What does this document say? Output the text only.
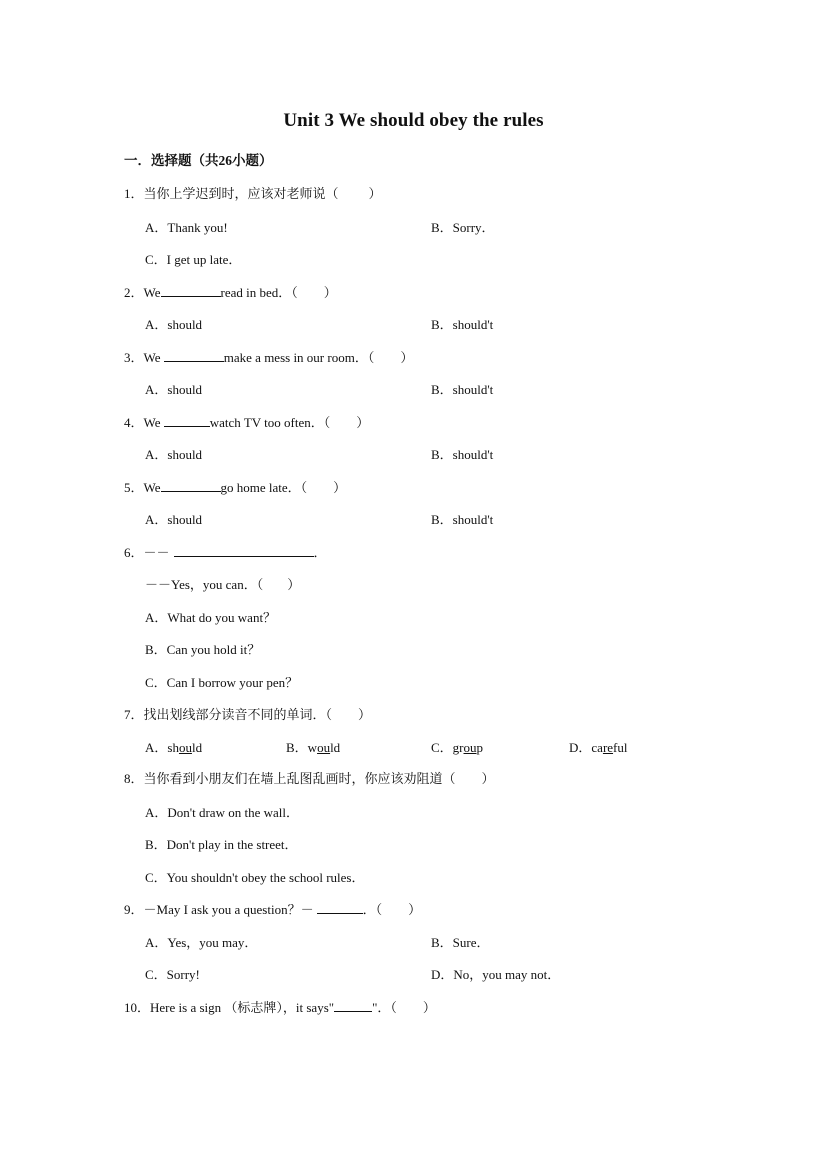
Unit 3 We should obey the rules
一．选择题（共26小题）
1．当你上学迟到时，应该对老师说（ ）
A．Thank you!	B．Sorry．
C．I get up late．
2．We	read in bed．（ ）
A．should	B．should't
3．We	make a mess in our room．（ ）
A．should	B．should't
4．We	watch TV too often．（ ）
A．should	B．should't
5．We	go home late．（ ）
A．should	B．should't
6．－－	．
－－Yes，you can．（ ）
A．What do you want？
B．Can you hold it？
C．Can I borrow your pen？
7．找出划线部分读音不同的单词．（ ）
A．should	B．would	C．group	D．careful
8．当你看到小朋友们在墙上乱图乱画时，你应该劝阻道（ ）
A．Don't draw on the wall．
B．Don't play in the street．
C．You shouldn't obey the school rules．
9．－May I ask you a question？－	．（ ）
A．Yes，you may．	B．Sure．
C．Sorry!	D．No，you may not．
10．Here is a sign （标志牌），it says"	"．（ ）
